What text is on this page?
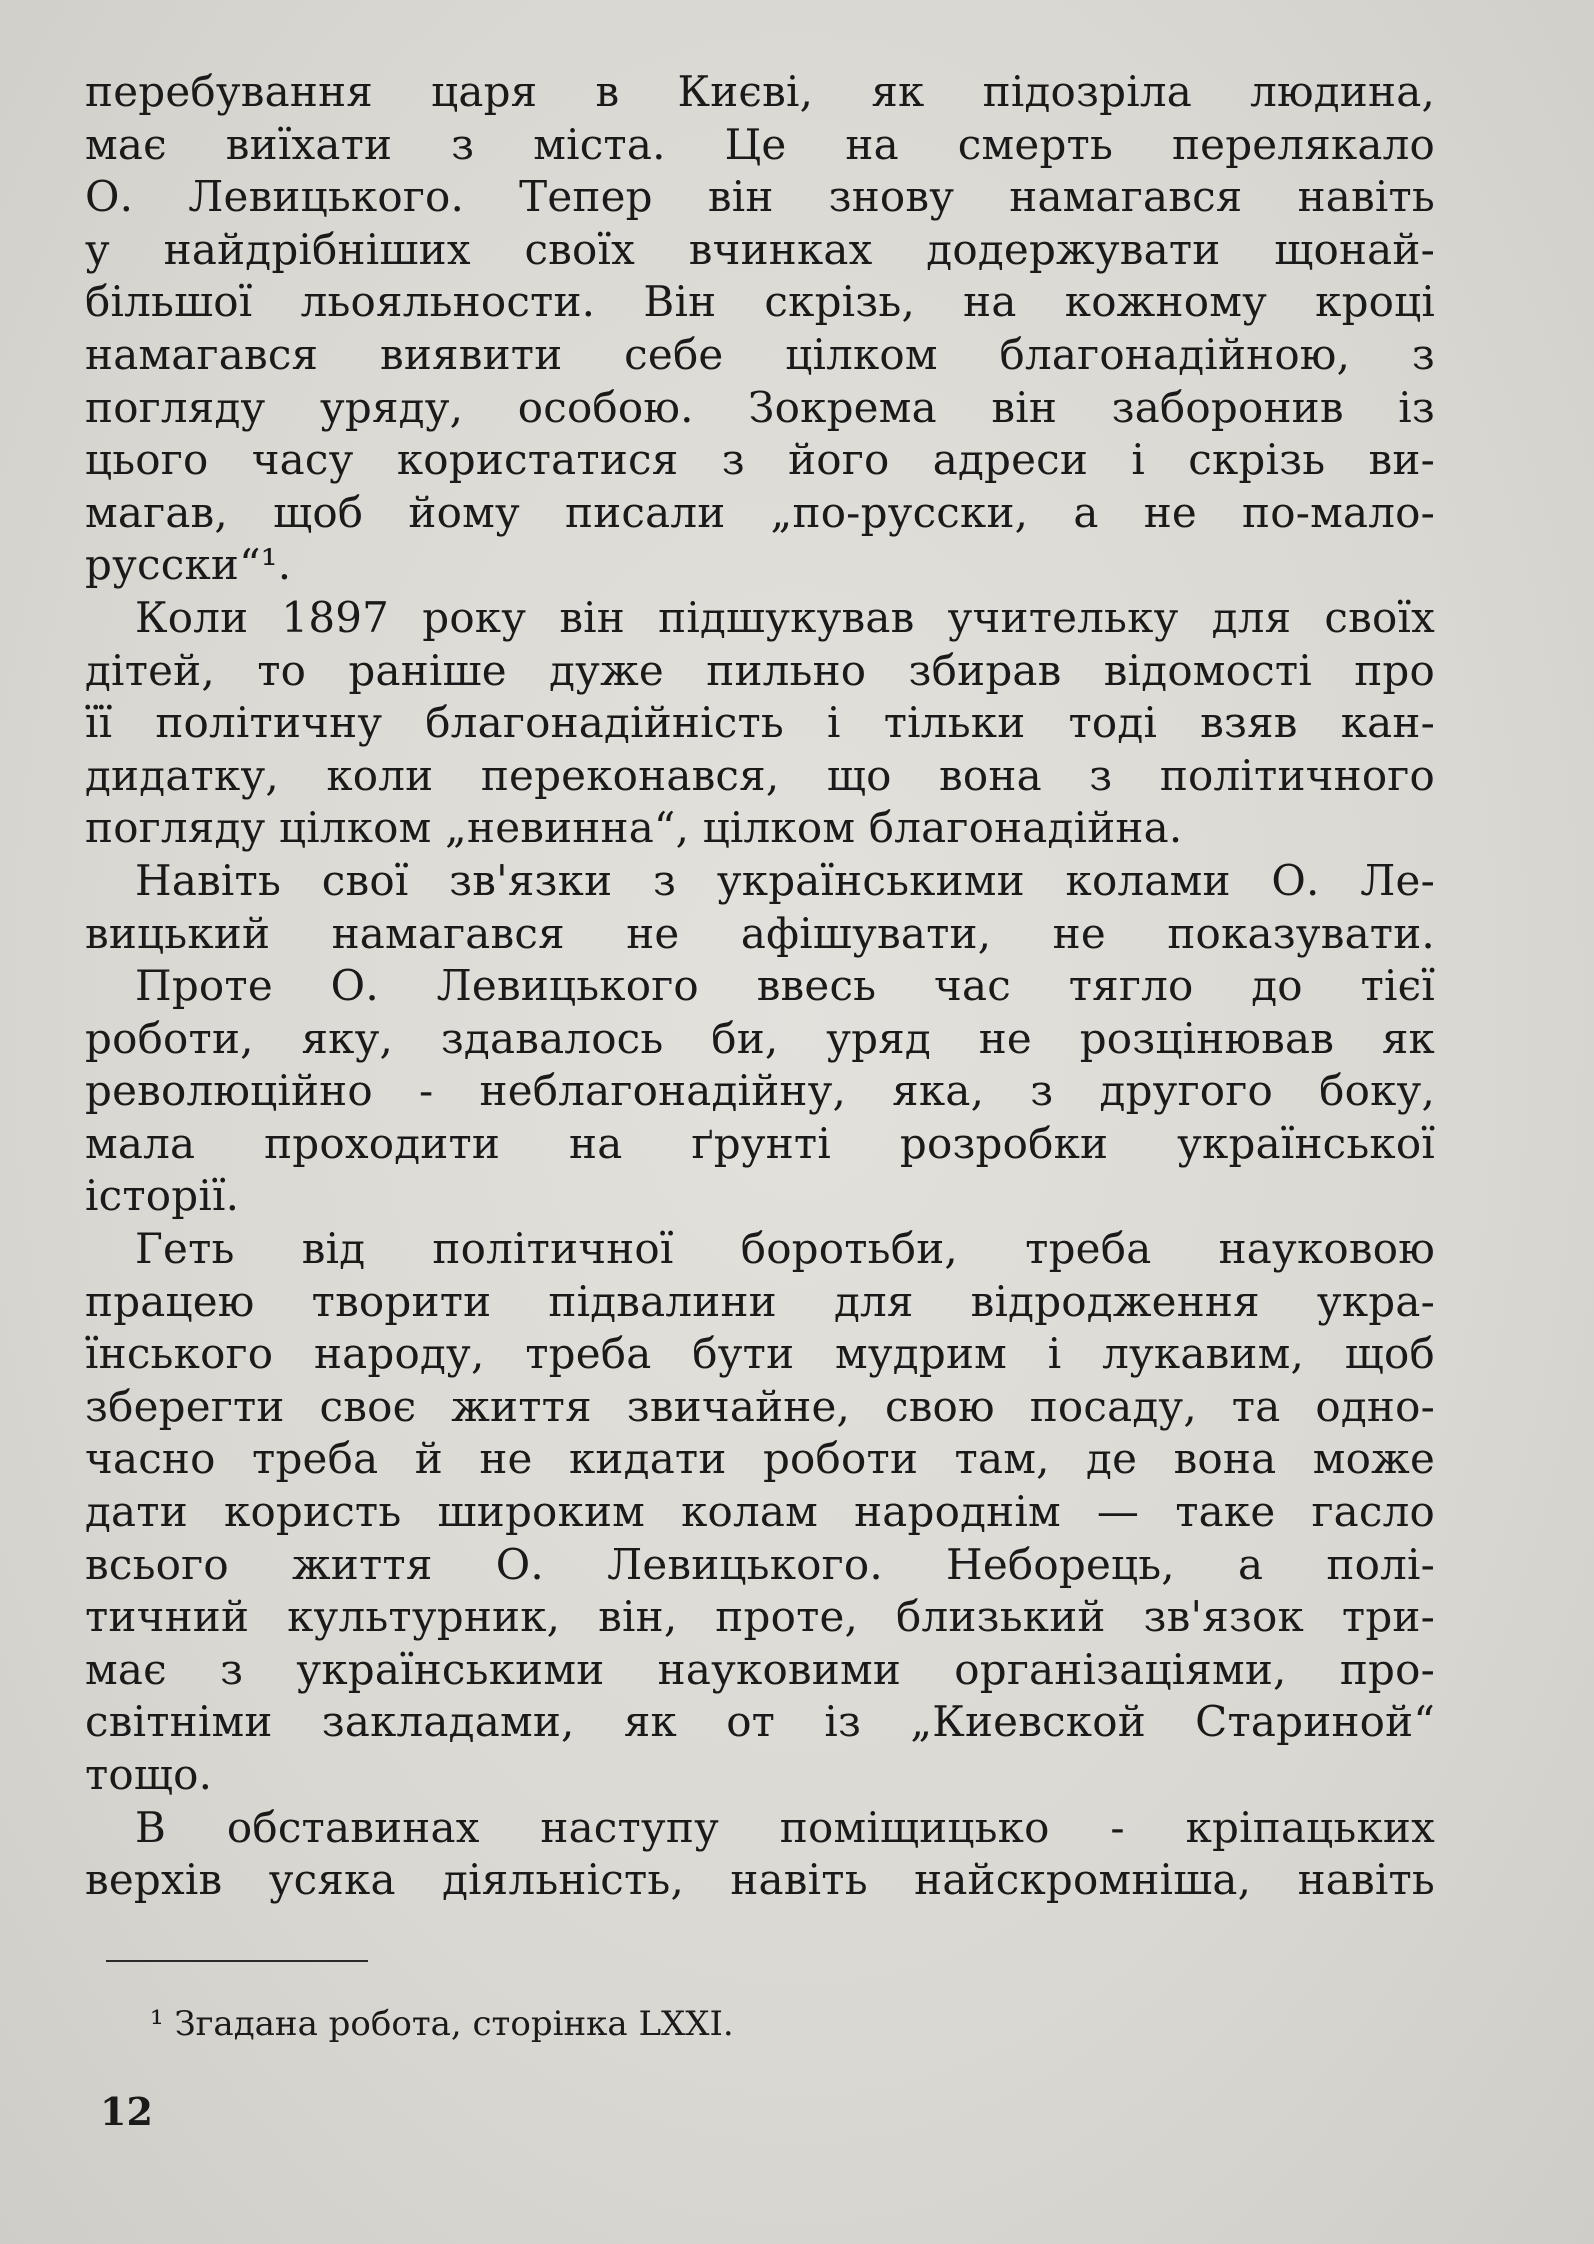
перебування царя в Києві, як підозріла людина,
має виїхати з міста. Це на смерть перелякало
О. Левицького. Тепер він знову намагався навіть
у найдрібніших своїх вчинках додержувати щонай-
більшої льояльности. Він скрізь, на кожному кроці
намагався виявити себе цілком благонадійною, з
погляду уряду, особою. Зокрема він заборонив із
цього часу користатися з його адреси і скрізь ви-
магав, щоб йому писали „по-русски, а не по-мало-
русски“¹.
Коли 1897 року він підшукував учительку для своїх
дітей, то раніше дуже пильно збирав відомості про
її політичну благонадійність і тільки тоді взяв кан-
дидатку, коли переконався, що вона з політичного
погляду цілком „невинна“, цілком благонадійна.
Навіть свої зв'язки з українськими колами О. Ле-
вицький намагався не афішувати, не показувати.
Проте О. Левицького ввесь час тягло до тієї
роботи, яку, здавалось би, уряд не розцінював як
революційно - неблагонадійну, яка, з другого боку,
мала проходити на ґрунті розробки української
історії.
Геть від політичної боротьби, треба науковою
працею творити підвалини для відродження укра-
їнського народу, треба бути мудрим і лукавим, щоб
зберегти своє життя звичайне, свою посаду, та одно-
часно треба й не кидати роботи там, де вона може
дати користь широким колам народнім — таке гасло
всього життя О. Левицького. Неборець, а полі-
тичний культурник, він, проте, близький зв'язок три-
має з українськими науковими організаціями, про-
світніми закладами, як от із „Киевской Стариной“
тощо.
В обставинах наступу поміщицько - кріпацьких
верхів усяка діяльність, навіть найскромніша, навіть
¹ Згадана робота, сторінка LXXI.
12
